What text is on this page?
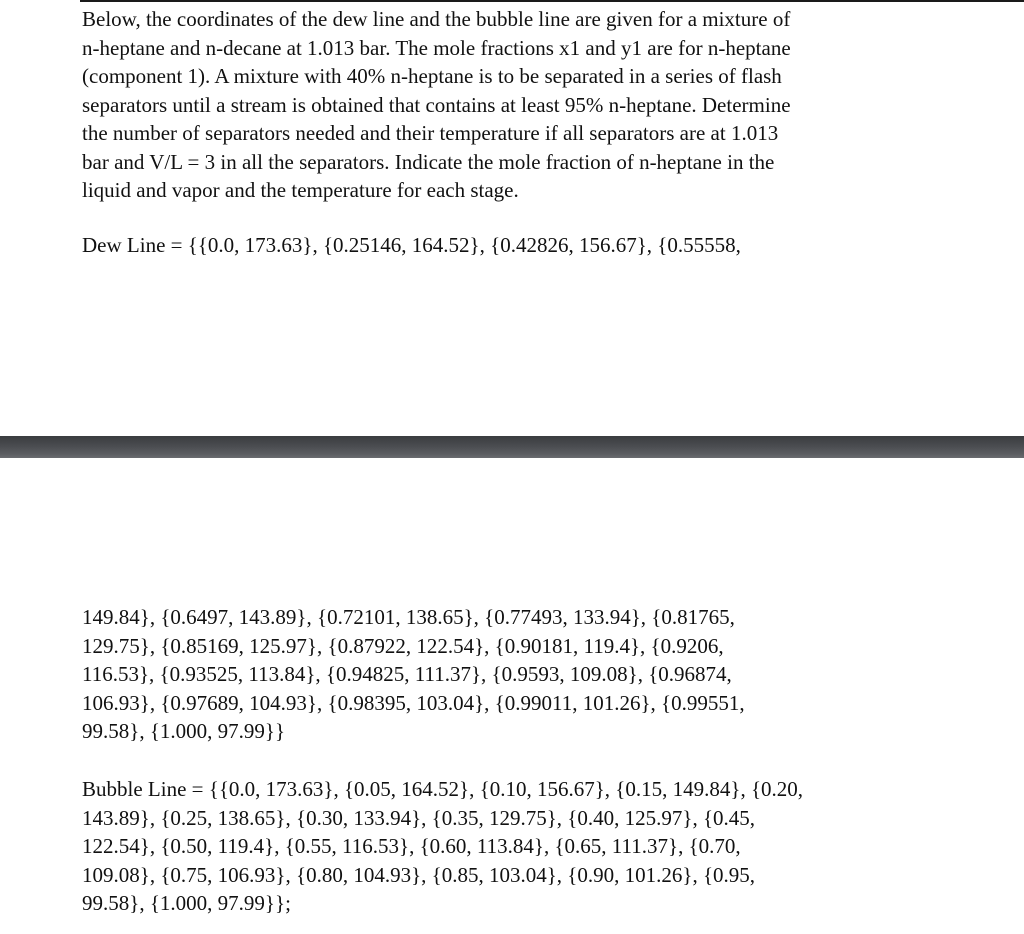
Below, the coordinates of the dew line and the bubble line are given for a mixture of
n-heptane and n-decane at 1.013 bar. The mole fractions x1 and y1 are for n-heptane
(component 1). A mixture with 40% n-heptane is to be separated in a series of flash
separators until a stream is obtained that contains at least 95% n-heptane. Determine
the number of separators needed and their temperature if all separators are at 1.013
bar and V/L = 3 in all the separators. Indicate the mole fraction of n-heptane in the
liquid and vapor and the temperature for each stage.

Dew Line = {{0.0, 173.63}, {0.25146, 164.52}, {0.42826, 156.67}, {0.55558,

149.84}, {0.6497, 143.89}, {0.72101, 138.65}, {0.77493, 133.94}, {0.81765,
129.75}, {0.85169, 125.97}, {0.87922, 122.54}, {0.90181, 119.4}, {0.9206,
116.53}, {0.93525, 113.84}, {0.94825, 111.37}, {0.9593, 109.08}, {0.96874,
106.93}, {0.97689, 104.93}, {0.98395, 103.04}, {0.99011, 101.26}, {0.99551,
99.58}, {1.000, 97.99}}

Bubble Line = {{0.0, 173.63}, {0.05, 164.52}, {0.10, 156.67}, {0.15, 149.84}, {0.20,
143.89}, {0.25, 138.65}, {0.30, 133.94}, {0.35, 129.75}, {0.40, 125.97}, {0.45,
122.54}, {0.50, 119.4}, {0.55, 116.53}, {0.60, 113.84}, {0.65, 111.37}, {0.70,
109.08}, {0.75, 106.93}, {0.80, 104.93}, {0.85, 103.04}, {0.90, 101.26}, {0.95,
99.58}, {1.000, 97.99}};
